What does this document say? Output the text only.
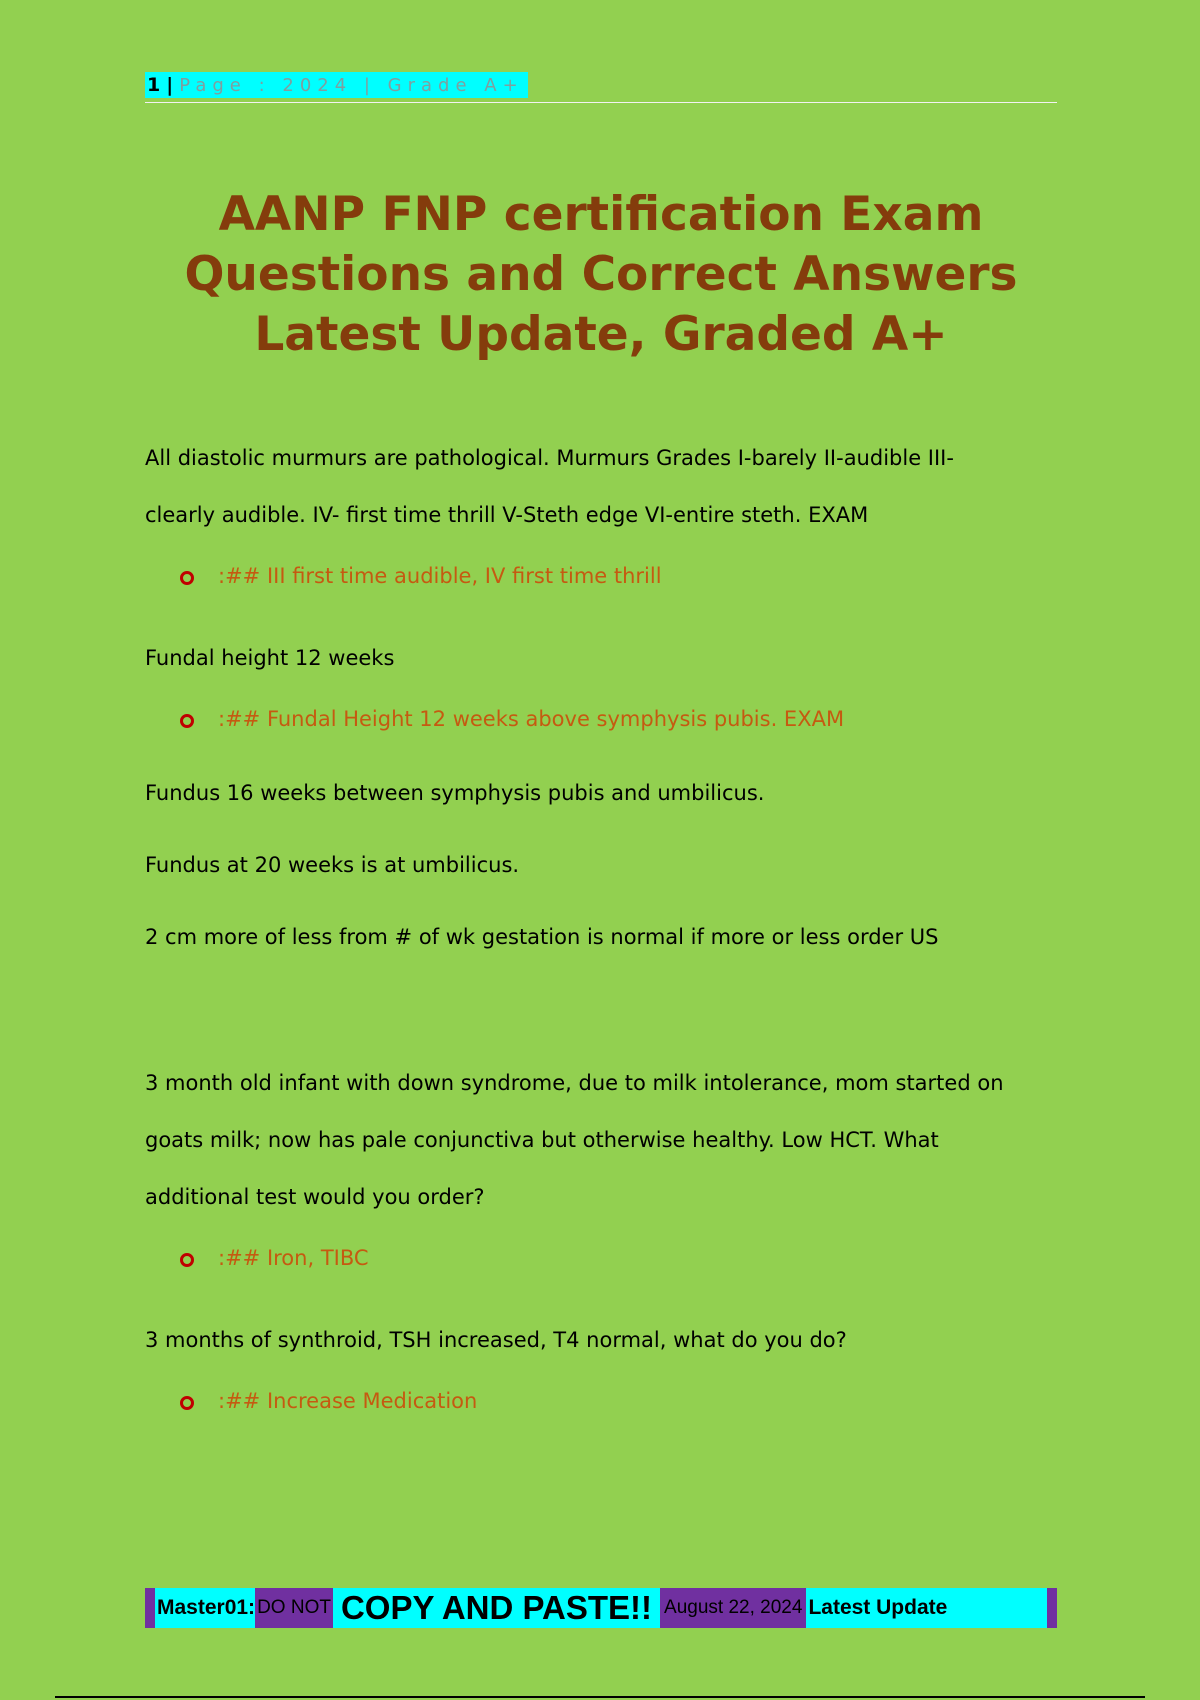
1 | Page : 2024 | Grade A+
AANP FNP certification Exam
Questions and Correct Answers
Latest Update, Graded A+

All diastolic murmurs are pathological. Murmurs Grades I-barely II-audible III-

clearly audible. IV- first time thrill V-Steth edge VI-entire steth. EXAM

:## III first time audible, IV first time thrill

Fundal height 12 weeks

:## Fundal Height 12 weeks above symphysis pubis. EXAM

Fundus 16 weeks between symphysis pubis and umbilicus.

Fundus at 20 weeks is at umbilicus.

2 cm more of less from # of wk gestation is normal if more or less order US

3 month old infant with down syndrome, due to milk intolerance, mom started on

goats milk; now has pale conjunctiva but otherwise healthy. Low HCT. What

additional test would you order?

:## Iron, TIBC

3 months of synthroid, TSH increased, T4 normal, what do you do?

:## Increase Medication
Master01: DO NOT COPY AND PASTE!! August 22, 2024 Latest Update
